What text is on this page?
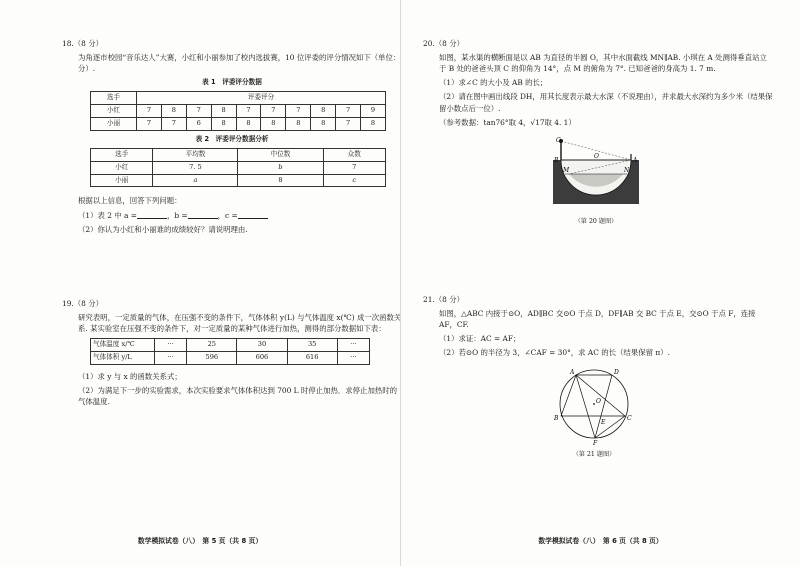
18.（8 分）

为角逐市校园“音乐达人”大赛，小红和小丽参加了校内选拔赛，10 位评委的评分情况如下（单位：分）.

表 1　评委评分数据
选手	评委评分									
小红	7	8	7	8	7	7	7	8	7	9
小丽	7	7	6	8	8	8	8	8	7	8
表 2　评委评分数据分析
选手	平均数	中位数	众数
小红	7. 5	b	7
小丽	a	8	c

根据以上信息，回答下列问题：

（1）表 2 中 a =	，b =	，c =

（2）你认为小红和小丽谁的成绩较好？请说明理由.

19.（8 分）

研究表明，一定质量的气体，在压强不变的条件下，气体体积 y(L) 与气体温度 x(℃) 成一次函数关系. 某实验室在压强不变的条件下，对一定质量的某种气体进行加热，测得的部分数据如下表：

气体温度 x/℃	···	25	30	35	···
气体体积 y/L	···	596	606	616	···

（1）求 y 与 x 的函数关系式；

（2）为满足下一步的实验需求，本次实验要求气体体积达到 700 L 时停止加热．求停止加热时的气体温度.

数学模拟试卷（八）　第 5 页（共 8 页）

20.（8 分）

如图，某水渠的横断面是以 AB 为直径的半圆 O，其中水面截线 MN∥AB. 小琪在 A 处测得垂直站立于 B 处的爸爸头顶 C 的仰角为 14°，点 M 的俯角为 7°. 已知爸爸的身高为 1. 7 m.

（1）求∠C 的大小及 AB 的长；

（2）请在图中画出线段 DH，用其长度表示最大水深（不说理由），并求最大水深约为多少米（结果保留小数点后一位）.

（参考数据：tan76°取 4，√17取 4. 1）

C
B
O
A
M	N
（第 20 题图）

21.（8 分）

如图，△ABC 内接于⊙O，AD∥BC 交⊙O 于点 D，DF∥AB 交 BC 于点 E，交⊙O 于点 F，连接 AF，CF.

（1）求证：AC = AF；

（2）若⊙O 的半径为 3，∠CAF = 30°，求 AC 的长（结果保留 π）.

A	D
O
B
E
C
F
（第 21 题图）
数学模拟试卷（八）　第 6 页（共 8 页）
